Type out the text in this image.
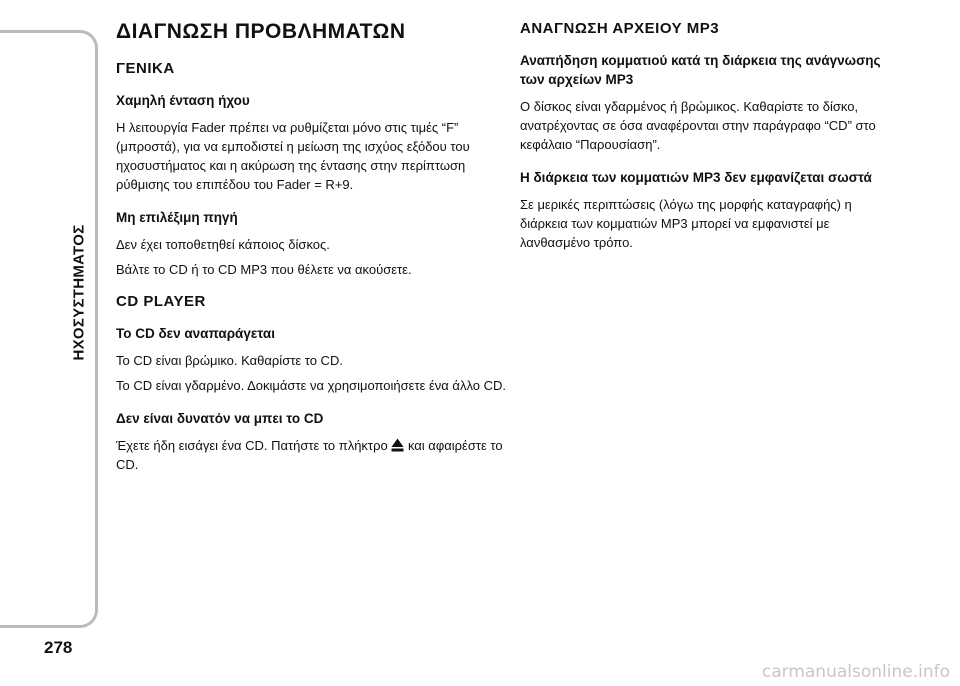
ΗΧΟΣΥΣΤΗΜΑΤΟΣ
278
ΔΙΑΓΝΩΣΗ ΠΡΟΒΛΗΜΑΤΩΝ
ΓΕΝΙΚΑ
Χαμηλή ένταση ήχου

Η λειτουργία Fader πρέπει να ρυθμίζεται μόνο στις τιμές “F” (μπροστά), για να εμποδιστεί η μείωση της ισχύος εξόδου του ηχοσυστήματος και η ακύρωση της έντασης στην περίπτωση ρύθμισης του επιπέδου του Fader = R+9.

Μη επιλέξιμη πηγή

Δεν έχει τοποθετηθεί κάποιος δίσκος.

Βάλτε το CD ή το CD MP3 που θέλετε να ακούσετε.

CD PLAYER
Το CD δεν αναπαράγεται

Το CD είναι βρώμικο. Καθαρίστε το CD.

Το CD είναι γδαρμένο. Δοκιμάστε να χρησιμοποιήσετε ένα άλλο CD.

Δεν είναι δυνατόν να μπει το CD

Έχετε ήδη εισάγει ένα CD. Πατήστε το πλήκτρο και αφαιρέστε το CD.

ΑΝΑΓΝΩΣΗ ΑΡΧΕΙΟΥ MP3
Αναπήδηση κομματιού κατά τη διάρκεια της ανάγνωσης των αρχείων MP3

Ο δίσκος είναι γδαρμένος ή βρώμικος. Καθαρίστε το δίσκο, ανατρέχοντας σε όσα αναφέρονται στην παράγραφο “CD” στο κεφάλαιο “Παρουσίαση”.

Η διάρκεια των κομματιών MP3 δεν εμφανίζεται σωστά

Σε μερικές περιπτώσεις (λόγω της μορφής καταγραφής) η διάρκεια των κομματιών MP3 μπορεί να εμφανιστεί με λανθασμένο τρόπο.

carmanualsonline.info
